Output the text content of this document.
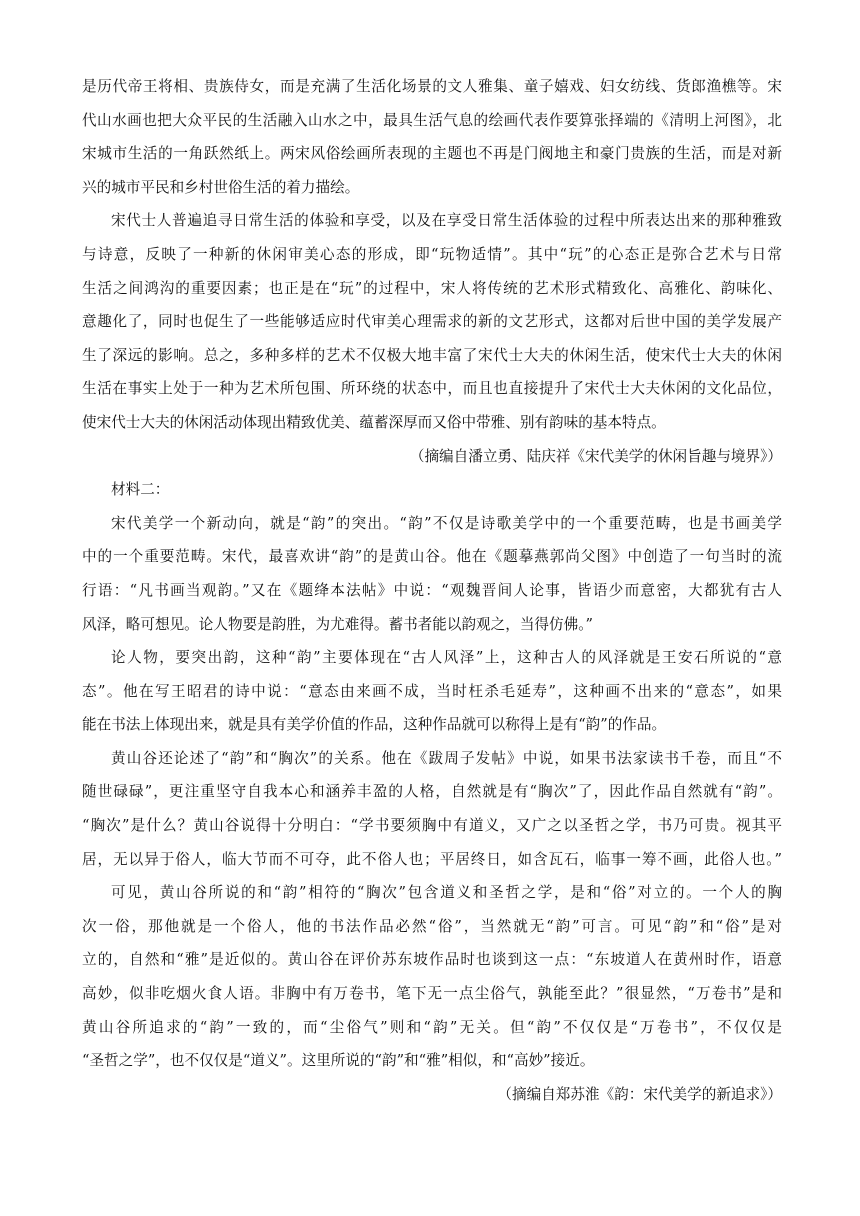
是历代帝王将相、贵族侍女，而是充满了生活化场景的文人雅集、童子嬉戏、妇女纺线、货郎渔樵等。宋
代山水画也把大众平民的生活融入山水之中，最具生活气息的绘画代表作要算张择端的《清明上河图》，北
宋城市生活的一角跃然纸上。两宋风俗绘画所表现的主题也不再是门阀地主和豪门贵族的生活，而是对新
兴的城市平民和乡村世俗生活的着力描绘。
宋代士人普遍追寻日常生活的体验和享受，以及在享受日常生活体验的过程中所表达出来的那种雅致
与诗意，反映了一种新的休闲审美心态的形成，即“玩物适情”。其中“玩”的心态正是弥合艺术与日常
生活之间鸿沟的重要因素；也正是在“玩”的过程中，宋人将传统的艺术形式精致化、高雅化、韵味化、
意趣化了，同时也促生了一些能够适应时代审美心理需求的新的文艺形式，这都对后世中国的美学发展产
生了深远的影响。总之，多种多样的艺术不仅极大地丰富了宋代士大夫的休闲生活，使宋代士大夫的休闲
生活在事实上处于一种为艺术所包围、所环绕的状态中，而且也直接提升了宋代士大夫休闲的文化品位，
使宋代士大夫的休闲活动体现出精致优美、蕴蓄深厚而又俗中带雅、别有韵味的基本特点。
（摘编自潘立勇、陆庆祥《宋代美学的休闲旨趣与境界》）
材料二：
宋代美学一个新动向，就是“韵”的突出。“韵”不仅是诗歌美学中的一个重要范畴，也是书画美学
中的一个重要范畴。宋代，最喜欢讲“韵”的是黄山谷。他在《题摹燕郭尚父图》中创造了一句当时的流
行语：“凡书画当观韵。”又在《题绛本法帖》中说：“观魏晋间人论事，皆语少而意密，大都犹有古人
风泽，略可想见。论人物要是韵胜，为尤难得。蓄书者能以韵观之，当得仿佛。”
论人物，要突出韵，这种“韵”主要体现在“古人风泽”上，这种古人的风泽就是王安石所说的“意
态”。他在写王昭君的诗中说：“意态由来画不成，当时枉杀毛延寿”，这种画不出来的“意态”，如果
能在书法上体现出来，就是具有美学价值的作品，这种作品就可以称得上是有“韵”的作品。
黄山谷还论述了“韵”和“胸次”的关系。他在《跋周子发帖》中说，如果书法家读书千卷，而且“不
随世碌碌”，更注重坚守自我本心和涵养丰盈的人格，自然就是有“胸次”了，因此作品自然就有“韵”。
“胸次”是什么？黄山谷说得十分明白：“学书要须胸中有道义，又广之以圣哲之学，书乃可贵。视其平
居，无以异于俗人，临大节而不可夺，此不俗人也；平居终日，如含瓦石，临事一筹不画，此俗人也。”
可见，黄山谷所说的和“韵”相符的“胸次”包含道义和圣哲之学，是和“俗”对立的。一个人的胸
次一俗，那他就是一个俗人，他的书法作品必然“俗”，当然就无“韵”可言。可见“韵”和“俗”是对
立的，自然和“雅”是近似的。黄山谷在评价苏东坡作品时也谈到这一点：“东坡道人在黄州时作，语意
高妙，似非吃烟火食人语。非胸中有万卷书，笔下无一点尘俗气，孰能至此？”很显然，“万卷书”是和
黄山谷所追求的“韵”一致的，而“尘俗气”则和“韵”无关。但“韵”不仅仅是“万卷书”，不仅仅是
“圣哲之学”，也不仅仅是“道义”。这里所说的“韵”和“雅”相似，和“高妙”接近。
（摘编自郑苏淮《韵：宋代美学的新追求》）
